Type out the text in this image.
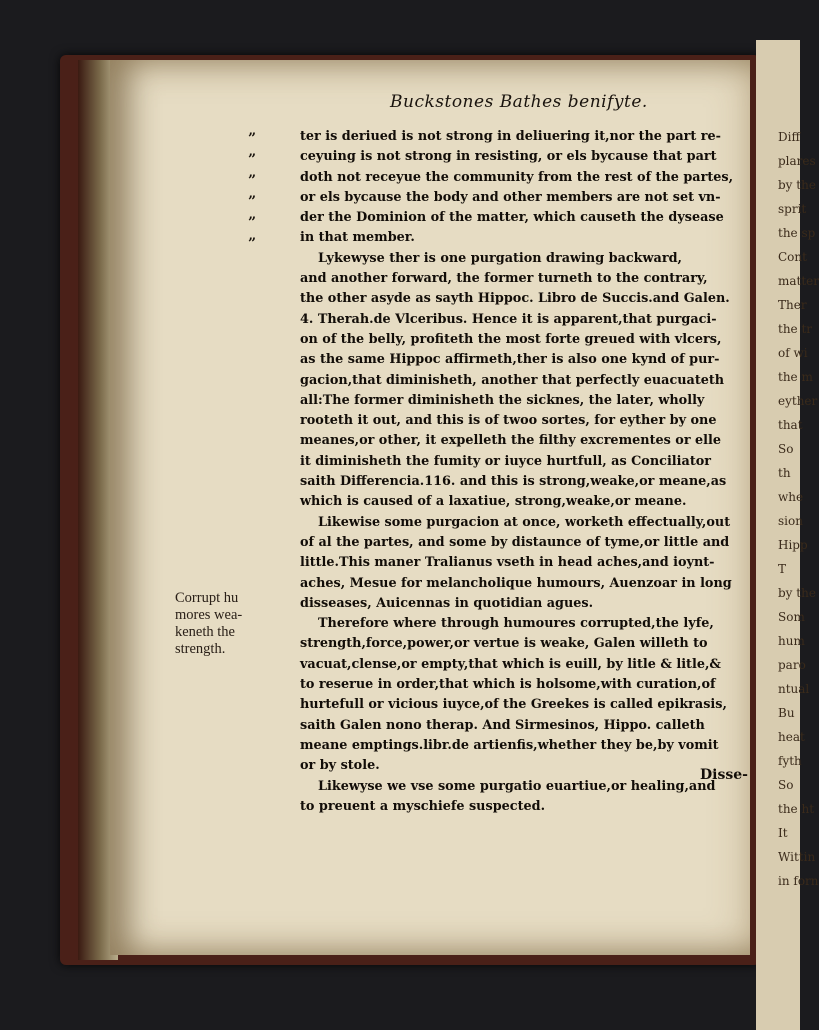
Buckstones Bathes benifyte.
”
”
”
”
”
”
ter is deriued is not strong in deliuering it,nor the part re-
ceyuing is not strong in resisting, or els bycause that part
doth not receyue the community from the rest of the partes,
or els bycause the body and other members are not set vn-
der the Dominion of the matter, which causeth the dysease
in that member.
Lykewyse ther is one purgation drawing backward,
and another forward, the former turneth to the contrary,
the other asyde as sayth Hippoc. Libro de Succis.and Galen.
4. Therah.de Vlceribus. Hence it is apparent,that purgaci-
on of the belly, profiteth the most forte greued with vlcers,
as the same Hippoc affirmeth,ther is also one kynd of pur-
gacion,that diminisheth, another that perfectly euacuateth
all:The former diminisheth the sicknes, the later, wholly
rooteth it out, and this is of twoo sortes, for eyther by one
meanes,or other, it expelleth the filthy excrementes or elle
it diminisheth the fumity or iuyce hurtfull, as Conciliator
saith Differencia.116. and this is strong,weake,or meane,as
which is caused of a laxatiue, strong,weake,or meane.
Likewise some purgacion at once, worketh effectually,out
of al the partes, and some by distaunce of tyme,or little and
little.This maner Tralianus vseth in head aches,and ioynt-
aches, Mesue for melancholique humours, Auenzoar in long
disseases, Auicennas in quotidian agues.
Therefore where through humoures corrupted,the lyfe,
strength,force,power,or vertue is weake, Galen willeth to
vacuat,clense,or empty,that which is euill, by litle & litle,&
to reserue in order,that which is holsome,with curation,of
hurtefull or vicious iuyce,of the Greekes is called epikrasis,
saith Galen nono therap. And Sirmesinos, Hippo. calleth
meane emptings.libr.de artienfis,whether they be,by vomit
or by stole.
Likewyse we vse some purgatio euartiue,or healing,and
to preuent a myschiefe suspected.
Disse-
Corrupt hu
mores wea-
keneth the
strength.
Diff
plares
by the
sprit
the sp
Cont
matter
Ther
the tr
of wi
the m
eyther
that
So
th
whe
sion
Hipp
T
by the
Som
hum
paro
ntual
Bu
heat
fyth
So
the ht
It
Wittin
in forn
